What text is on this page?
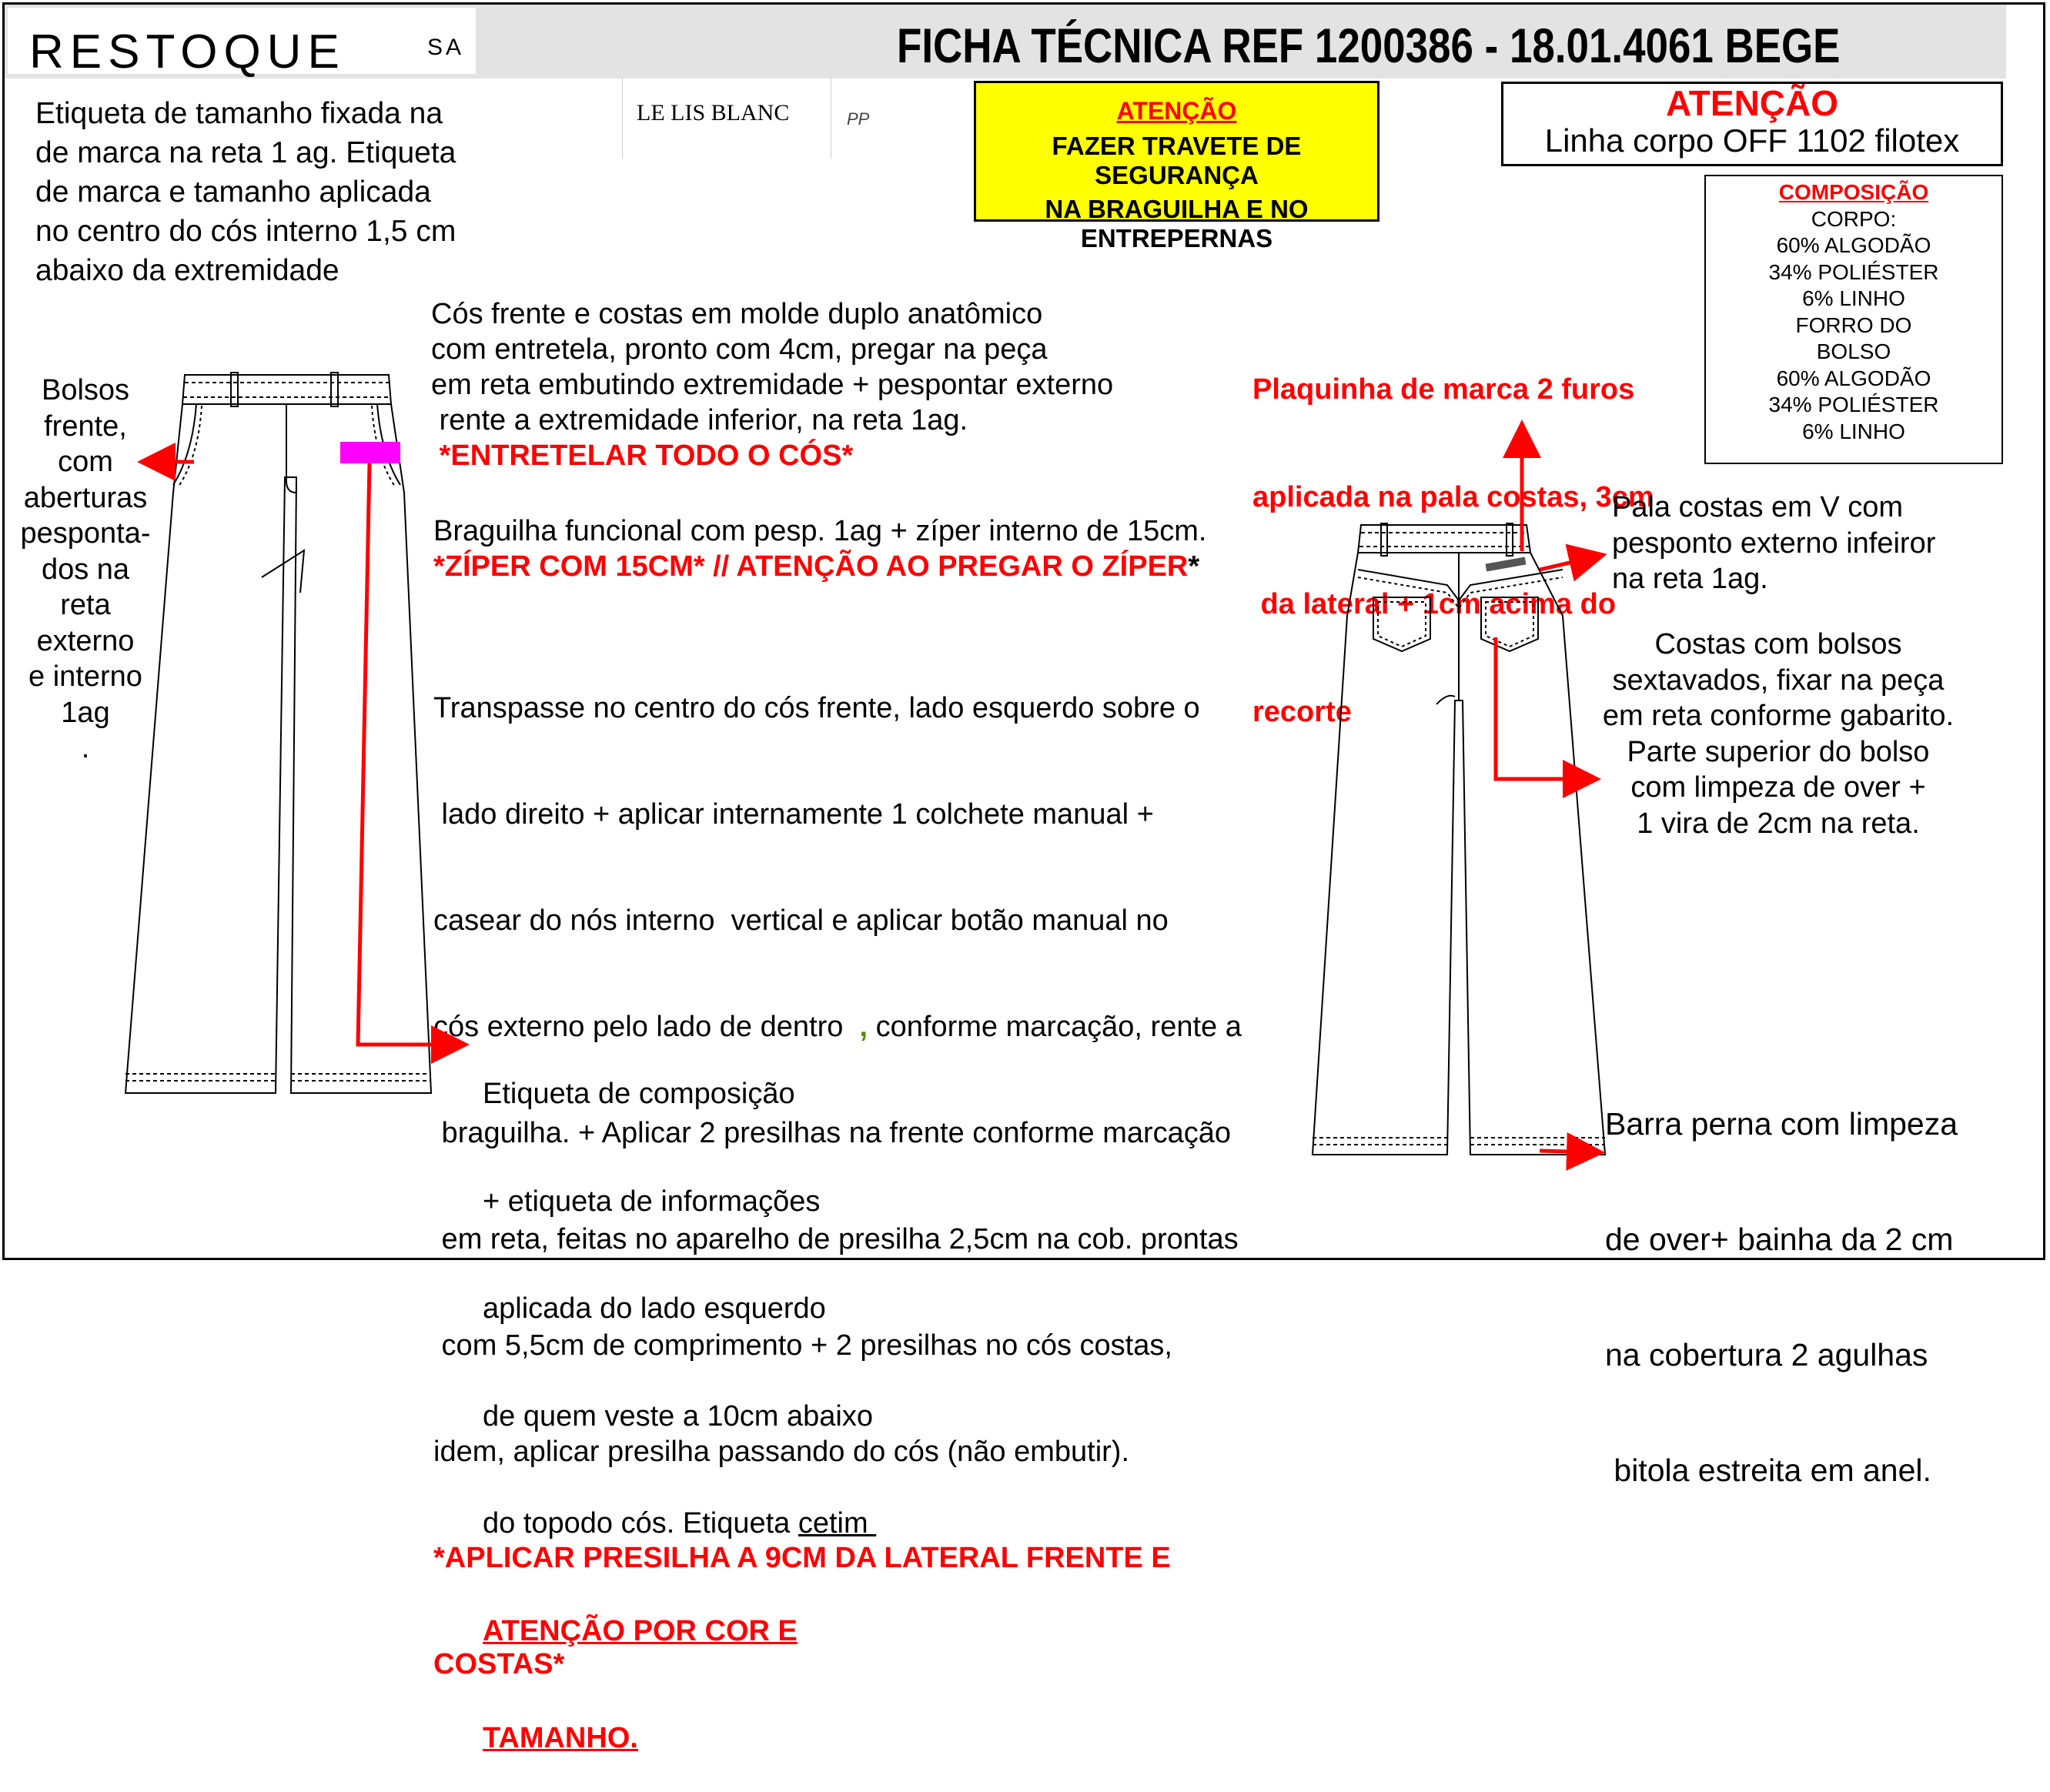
RESTOQUE	SA	FICHA TÉCNICA REF 1200386 - 18.01.4061 BEGE
Etiqueta de tamanho fixada na
de marca na reta 1 ag. Etiqueta
de marca e tamanho aplicada
no centro do cós interno 1,5 cm
abaixo da extremidade
LE LIS BLANC	PP	ATENÇÃO
FAZER TRAVETE DE SEGURANÇA
NA BRAGUILHA E NO ENTREPERNAS
ATENÇÃO
Linha corpo OFF 1102 filotex
COMPOSIÇÃO
CORPO:
60% ALGODÃO
34% POLIÉSTER
6% LINHO
FORRO DO
BOLSO
60% ALGODÃO
34% POLIÉSTER
6% LINHO
Cós frente e costas em molde duplo anatômico
com entretela, pronto com 4cm, pregar na peça
em reta embutindo extremidade + pespontar externo
rente a extremidade inferior, na reta 1ag.
*ENTRETELAR TODO O CÓS*
Braguilha funcional com pesp. 1ag + zíper interno de 15cm.
*ZÍPER COM 15CM* // ATENÇÃO AO PREGAR O ZÍPER*

Transpasse no centro do cós frente, lado esquerdo sobre o

lado direito + aplicar internamente 1 colchete manual +

casear do nós interno  vertical e aplicar botão manual no

cós externo pelo lado de dentro  , conforme marcação, rente a

braguilha. + Aplicar 2 presilhas na frente conforme marcação

em reta, feitas no aparelho de presilha 2,5cm na cob. prontas

com 5,5cm de comprimento + 2 presilhas no cós costas,

idem, aplicar presilha passando do cós (não embutir).

*APLICAR PRESILHA A 9CM DA LATERAL FRENTE E

COSTAS*

Bolsos
frente,
com
aberturas
pesponta-
dos na
reta
externo
e interno
1ag
.

Etiqueta de composição

+ etiqueta de informações

aplicada do lado esquerdo

de quem veste a 10cm abaixo

do topodo cós. Etiqueta cetim

ATENÇÃO POR COR E

TAMANHO.

Plaquinha de marca 2 furos

aplicada na pala costas, 3cm

da lateral + 1cm acima do

recorte

Pala costas em V com
pesponto externo infeiror
na reta 1ag.
Costas com bolsos
sextavados, fixar na peça
em reta conforme gabarito.
Parte superior do bolso
com limpeza de over +
1 vira de 2cm na reta.

Barra perna com limpeza

de over+ bainha da 2 cm

na cobertura 2 agulhas

bitola estreita em anel.
